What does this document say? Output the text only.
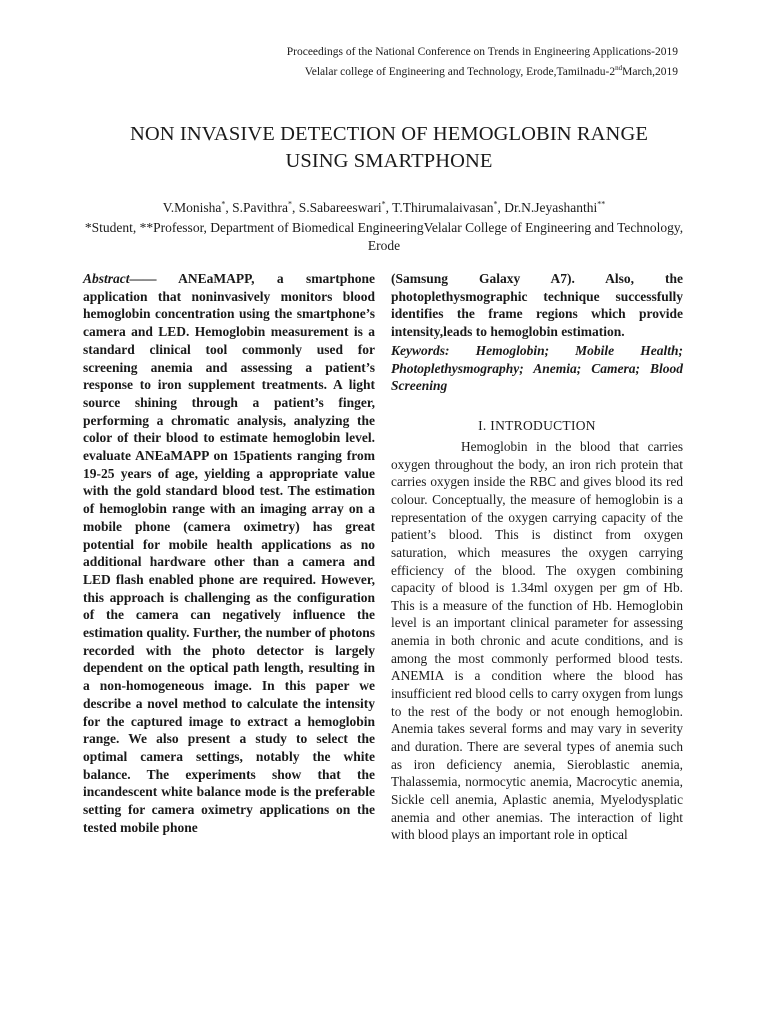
Proceedings of the National Conference on Trends in Engineering Applications-2019
Velalar college of Engineering and Technology, Erode,Tamilnadu-2ndMarch,2019
NON INVASIVE DETECTION OF HEMOGLOBIN RANGE USING SMARTPHONE
V.Monisha*, S.Pavithra*, S.Sabareeswari*, T.Thirumalaivasan*, Dr.N.Jeyashanthi**
*Student, **Professor, Department of Biomedical EngineeringVelalar College of Engineering and Technology, Erode
Abstract—— ANEaMAPP, a smartphone application that noninvasively monitors blood hemoglobin concentration using the smartphone’s camera and LED. Hemoglobin measurement is a standard clinical tool commonly used for screening anemia and assessing a patient’s response to iron supplement treatments. A light source shining through a patient’s finger, performing a chromatic analysis, analyzing the color of their blood to estimate hemoglobin level. evaluate ANEaMAPP on 15patients ranging from 19-25 years of age, yielding a appropriate value with the gold standard blood test. The estimation of hemoglobin range with an imaging array on a mobile phone (camera oximetry) has great potential for mobile health applications as no additional hardware other than a camera and LED flash enabled phone are required. However, this approach is challenging as the configuration of the camera can negatively influence the estimation quality. Further, the number of photons recorded with the photo detector is largely dependent on the optical path length, resulting in a non-homogeneous image. In this paper we describe a novel method to calculate the intensity for the captured image to extract a hemoglobin range. We also present a study to select the optimal camera settings, notably the white balance. The experiments show that the incandescent white balance mode is the preferable setting for camera oximetry applications on the tested mobile phone

(Samsung Galaxy A7). Also, the photoplethysmographic technique successfully identifies the frame regions which provide intensity,leads to hemoglobin estimation.

Keywords: Hemoglobin; Mobile Health; Photoplethysmography; Anemia; Camera; Blood Screening

I. INTRODUCTION

Hemoglobin in the blood that carries oxygen throughout the body, an iron rich protein that carries oxygen inside the RBC and gives blood its red colour. Conceptually, the measure of hemoglobin is a representation of the oxygen carrying capacity of the patient’s blood. This is distinct from oxygen saturation, which measures the oxygen carrying efficiency of the blood. The oxygen combining capacity of blood is 1.34ml oxygen per gm of Hb. This is a measure of the function of Hb. Hemoglobin level is an important clinical parameter for assessing anemia in both chronic and acute conditions, and is among the most commonly performed blood tests. ANEMIA is a condition where the blood has insufficient red blood cells to carry oxygen from lungs to the rest of the body or not enough hemoglobin. Anemia takes several forms and may vary in severity and duration. There are several types of anemia such as iron deficiency anemia, Sieroblastic anemia, Thalassemia, normocytic anemia, Macrocytic anemia, Sickle cell anemia, Aplastic anemia, Myelodysplatic anemia and other anemias. The interaction of light with blood plays an important role in optical
